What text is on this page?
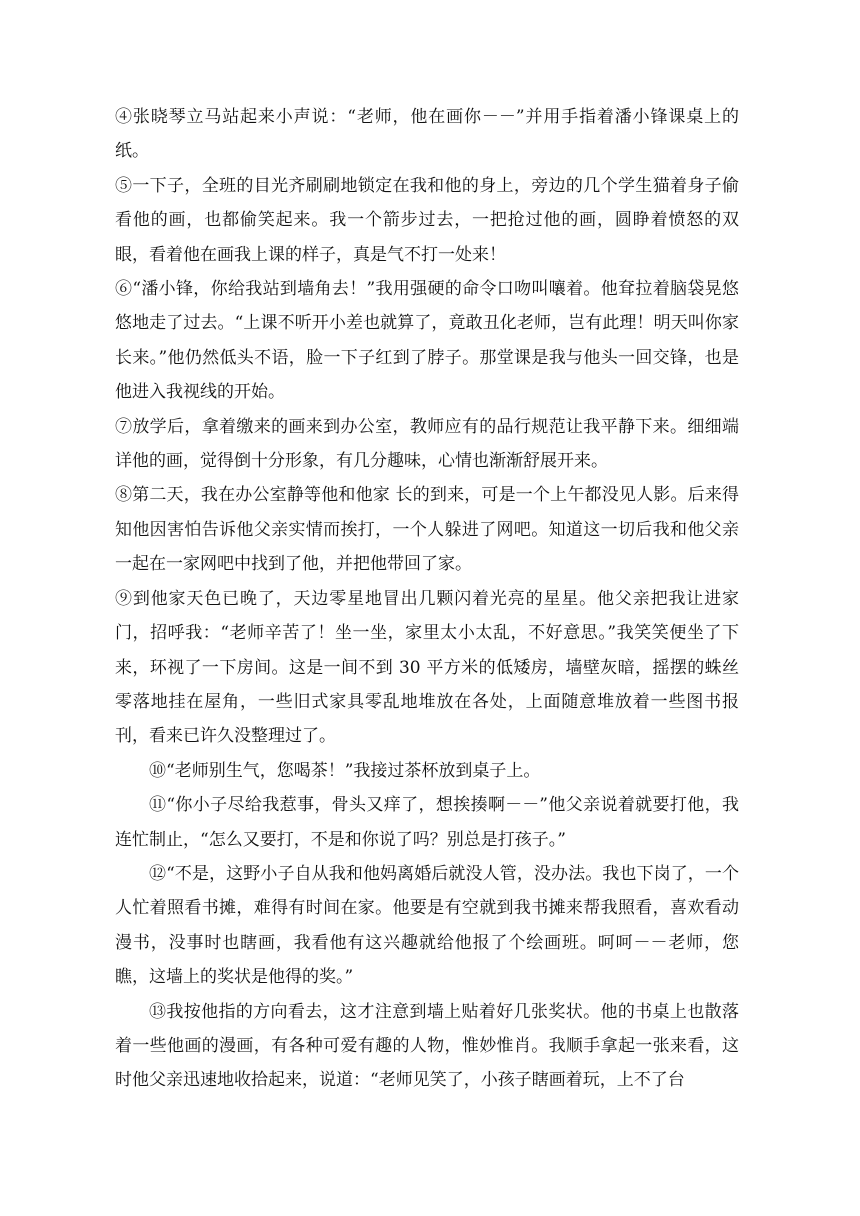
④张晓琴立马站起来小声说：“老师，他在画你－－”并用手指着潘小锋课桌上的纸。

⑤一下子，全班的目光齐刷刷地锁定在我和他的身上，旁边的几个学生猫着身子偷看他的画，也都偷笑起来。我一个箭步过去，一把抢过他的画，圆睁着愤怒的双眼，看着他在画我上课的样子，真是气不打一处来！

⑥“潘小锋，你给我站到墙角去！”我用强硬的命令口吻叫嚷着。他耷拉着脑袋晃悠悠地走了过去。“上课不听开小差也就算了，竟敢丑化老师，岂有此理！明天叫你家长来。”他仍然低头不语，脸一下子红到了脖子。那堂课是我与他头一回交锋，也是他进入我视线的开始。

⑦放学后，拿着缴来的画来到办公室，教师应有的品行规范让我平静下来。细细端详他的画，觉得倒十分形象，有几分趣味，心情也渐渐舒展开来。

⑧第二天，我在办公室静等他和他家 长的到来，可是一个上午都没见人影。后来得知他因害怕告诉他父亲实情而挨打，一个人躲进了网吧。知道这一切后我和他父亲一起在一家网吧中找到了他，并把他带回了家。

⑨到他家天色已晚了，天边零星地冒出几颗闪着光亮的星星。他父亲把我让进家门，招呼我：“老师辛苦了！坐一坐，家里太小太乱，不好意思。”我笑笑便坐了下来，环视了一下房间。这是一间不到 30 平方米的低矮房，墙壁灰暗，摇摆的蛛丝零落地挂在屋角，一些旧式家具零乱地堆放在各处，上面随意堆放着一些图书报刊，看来已许久没整理过了。

⑩“老师别生气，您喝茶！”我接过茶杯放到桌子上。

⑪“你小子尽给我惹事，骨头又痒了，想挨揍啊－－”他父亲说着就要打他，我连忙制止，“怎么又要打，不是和你说了吗？别总是打孩子。”

⑫“不是，这野小子自从我和他妈离婚后就没人管，没办法。我也下岗了，一个人忙着照看书摊，难得有时间在家。他要是有空就到我书摊来帮我照看，喜欢看动漫书，没事时也瞎画，我看他有这兴趣就给他报了个绘画班。呵呵－－老师，您瞧，这墙上的奖状是他得的奖。”

⑬我按他指的方向看去，这才注意到墙上贴着好几张奖状。他的书桌上也散落着一些他画的漫画，有各种可爱有趣的人物，惟妙惟肖。我顺手拿起一张来看，这时他父亲迅速地收拾起来，说道：“老师见笑了，小孩子瞎画着玩，上不了台
